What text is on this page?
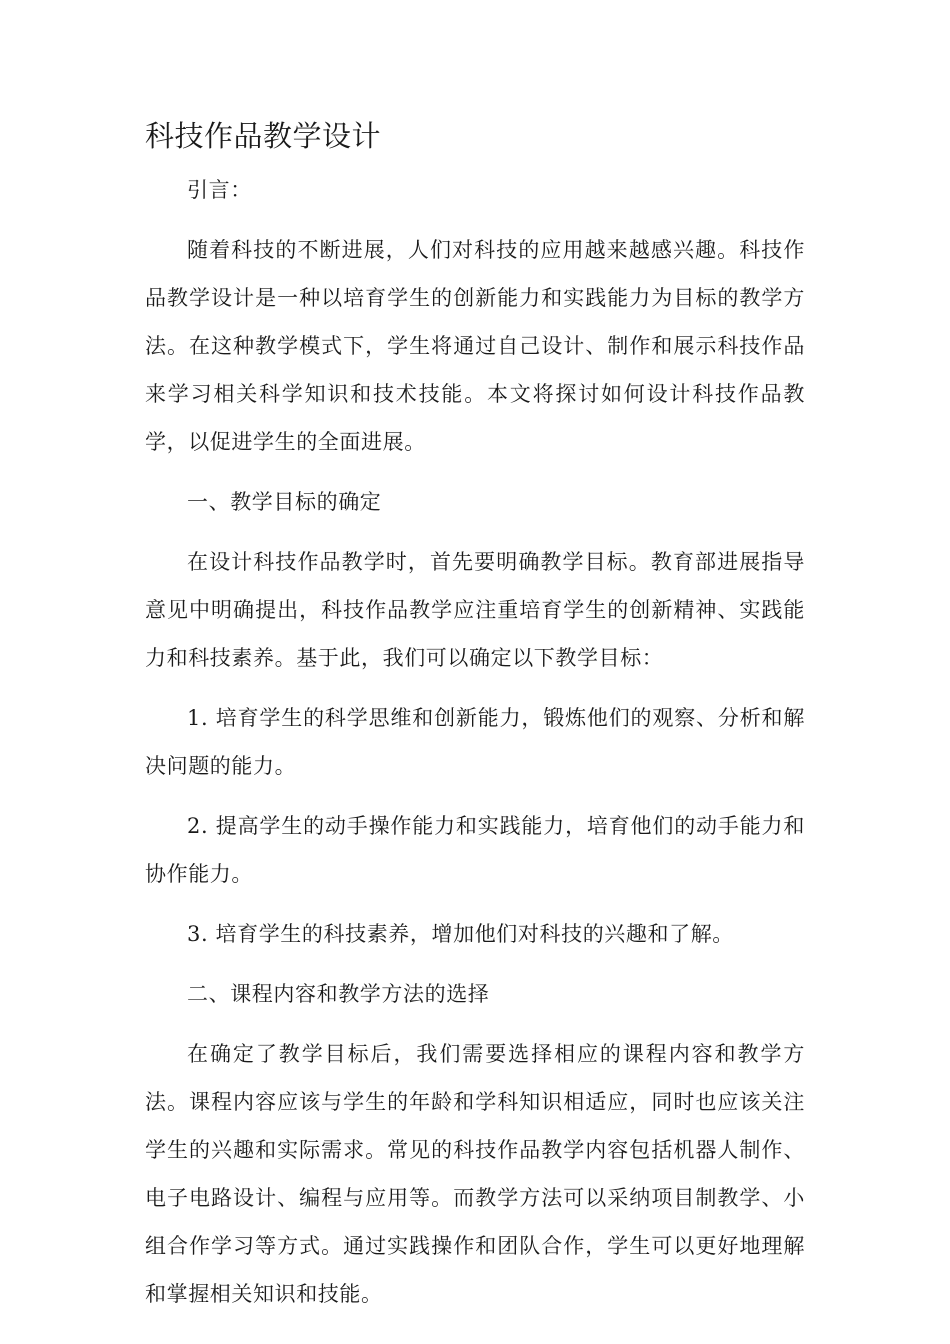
科技作品教学设计

引言：

随着科技的不断进展，人们对科技的应用越来越感兴趣。科技作品教学设计是一种以培育学生的创新能力和实践能力为目标的教学方法。在这种教学模式下，学生将通过自己设计、制作和展示科技作品来学习相关科学知识和技术技能。本文将探讨如何设计科技作品教学，以促进学生的全面进展。

一、教学目标的确定

在设计科技作品教学时，首先要明确教学目标。教育部进展指导意见中明确提出，科技作品教学应注重培育学生的创新精神、实践能力和科技素养。基于此，我们可以确定以下教学目标：

1. 培育学生的科学思维和创新能力，锻炼他们的观察、分析和解决问题的能力。

2. 提高学生的动手操作能力和实践能力，培育他们的动手能力和协作能力。

3. 培育学生的科技素养，增加他们对科技的兴趣和了解。

二、课程内容和教学方法的选择

在确定了教学目标后，我们需要选择相应的课程内容和教学方法。课程内容应该与学生的年龄和学科知识相适应，同时也应该关注学生的兴趣和实际需求。常见的科技作品教学内容包括机器人制作、电子电路设计、编程与应用等。而教学方法可以采纳项目制教学、小组合作学习等方式。通过实践操作和团队合作，学生可以更好地理解和掌握相关知识和技能。
